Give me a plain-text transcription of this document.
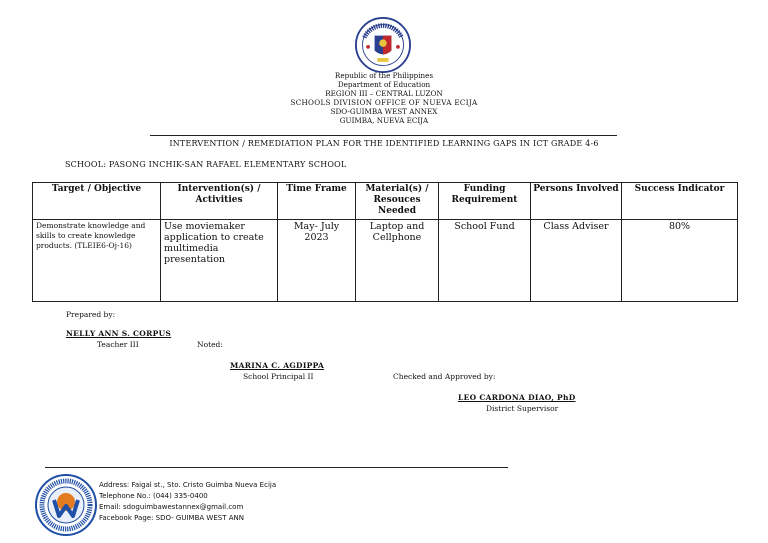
Republic of the Philippines
Department of Education
REGION III – CENTRAL LUZON
SCHOOLS DIVISION OFFICE OF NUEVA ECIJA
SDO-GUIMBA WEST ANNEX
GUIMBA, NUEVA ECIJA
INTERVENTION / REMEDIATION PLAN FOR THE IDENTIFIED LEARNING GAPS IN ICT GRADE 4-6
SCHOOL: PASONG INCHIK-SAN RAFAEL ELEMENTARY SCHOOL
Target / Objective	Intervention(s) / Activities	Time Frame	Material(s) / Resouces Needed	Funding Requirement	Persons Involved	Success Indicator
Demonstrate knowledge and skills to create knowledge products. (TLEIE6-Oj-16)	Use moviemaker application to create multimedia presentation	May- July 2023	Laptop and Cellphone	School Fund	Class Adviser	80%
Prepared by:
NELLY ANN S. CORPUS
Teacher III	Noted:
MARINA C. AGDIPPA
School Principal II	Checked and Approved by:
LEO CARDONA DIAO, PhD
District Supervisor
Address: Faigal st., Sto. Cristo Guimba Nueva Ecija
Telephone No.: (044) 335-0400
Email: sdoguimbawestannex@gmail.com
Facebook Page: SDO- GUIMBA WEST ANN
